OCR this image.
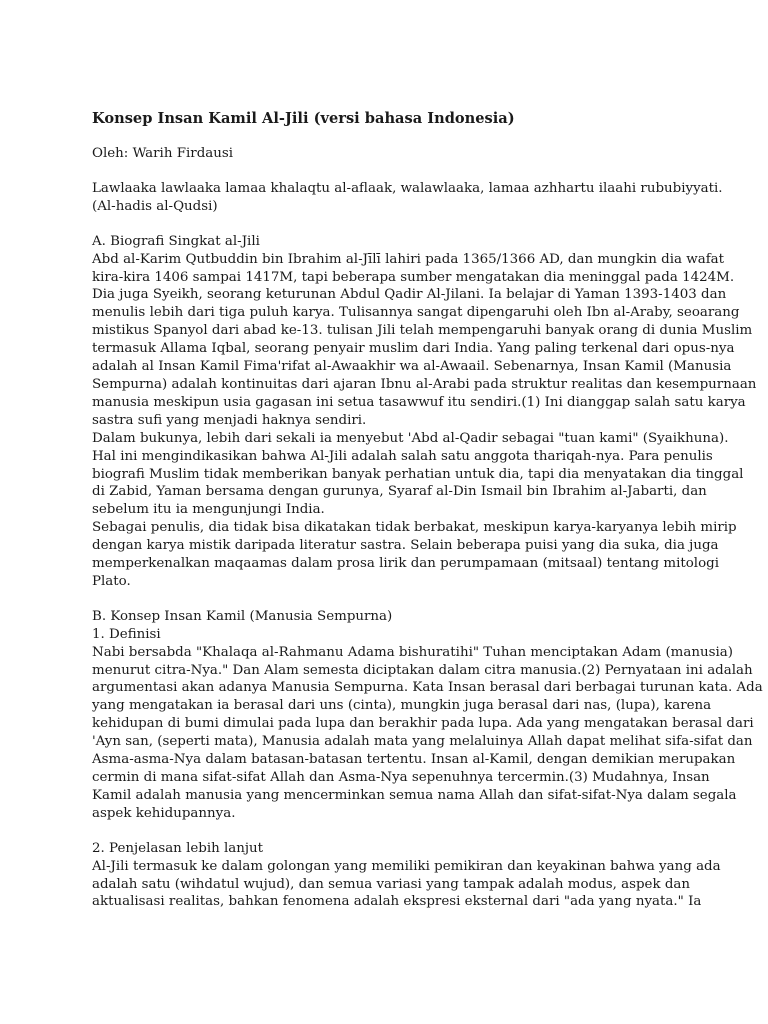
Konsep Insan Kamil Al-Jili (versi bahasa Indonesia)
Oleh: Warih Firdausi
Lawlaaka lawlaaka lamaa khalaqtu al-aflaak, walawlaaka, lamaa azhhartu ilaahi rububiyyati.
(Al-hadis al-Qudsi)
A. Biografi Singkat al-Jili
Abd al-Karim Qutbuddin bin Ibrahim al-Jīlī lahiri pada 1365/1366 AD, dan mungkin dia wafat
kira-kira 1406 sampai 1417M, tapi beberapa sumber mengatakan dia meninggal pada 1424M.
Dia juga Syeikh, seorang keturunan Abdul Qadir Al-Jilani. Ia belajar di Yaman 1393-1403 dan
menulis lebih dari tiga puluh karya. Tulisannya sangat dipengaruhi oleh Ibn al-Araby, seoarang
mistikus Spanyol dari abad ke-13. tulisan Jili telah mempengaruhi banyak orang di dunia Muslim
termasuk Allama Iqbal, seorang penyair muslim dari India. Yang paling terkenal dari opus-nya
adalah al Insan Kamil Fima'rifat al-Awaakhir wa al-Awaail. Sebenarnya, Insan Kamil (Manusia
Sempurna) adalah kontinuitas dari ajaran Ibnu al-Arabi pada struktur realitas dan kesempurnaan
manusia meskipun usia gagasan ini setua tasawwuf itu sendiri.(1) Ini dianggap salah satu karya
sastra sufi yang menjadi haknya sendiri.
Dalam bukunya, lebih dari sekali ia menyebut 'Abd al-Qadir sebagai "tuan kami" (Syaikhuna).
Hal ini mengindikasikan bahwa Al-Jili adalah salah satu anggota thariqah-nya. Para penulis
biografi Muslim tidak memberikan banyak perhatian untuk dia, tapi dia menyatakan dia tinggal
di Zabid, Yaman bersama dengan gurunya, Syaraf al-Din Ismail bin Ibrahim al-Jabarti, dan
sebelum itu ia mengunjungi India.
Sebagai penulis, dia tidak bisa dikatakan tidak berbakat, meskipun karya-karyanya lebih mirip
dengan karya mistik daripada literatur sastra. Selain beberapa puisi yang dia suka, dia juga
memperkenalkan maqaamas dalam prosa lirik dan perumpamaan (mitsaal) tentang mitologi
Plato.
B. Konsep Insan Kamil (Manusia Sempurna)
1. Definisi
Nabi bersabda "Khalaqa al-Rahmanu Adama bishuratihi" Tuhan menciptakan Adam (manusia)
menurut citra-Nya." Dan Alam semesta diciptakan dalam citra manusia.(2) Pernyataan ini adalah
argumentasi akan adanya Manusia Sempurna. Kata Insan berasal dari berbagai turunan kata. Ada
yang mengatakan ia berasal dari uns (cinta), mungkin juga berasal dari nas, (lupa), karena
kehidupan di bumi dimulai pada lupa dan berakhir pada lupa. Ada yang mengatakan berasal dari
'Ayn san, (seperti mata), Manusia adalah mata yang melaluinya Allah dapat melihat sifa-sifat dan
Asma-asma-Nya dalam batasan-batasan tertentu. Insan al-Kamil, dengan demikian merupakan
cermin di mana sifat-sifat Allah dan Asma-Nya sepenuhnya tercermin.(3) Mudahnya, Insan
Kamil adalah manusia yang mencerminkan semua nama Allah dan sifat-sifat-Nya dalam segala
aspek kehidupannya.
2. Penjelasan lebih lanjut
Al-Jili termasuk ke dalam golongan yang memiliki pemikiran dan keyakinan bahwa yang ada
adalah satu (wihdatul wujud), dan semua variasi yang tampak adalah modus, aspek dan
aktualisasi realitas, bahkan fenomena adalah ekspresi eksternal dari "ada yang nyata." Ia
